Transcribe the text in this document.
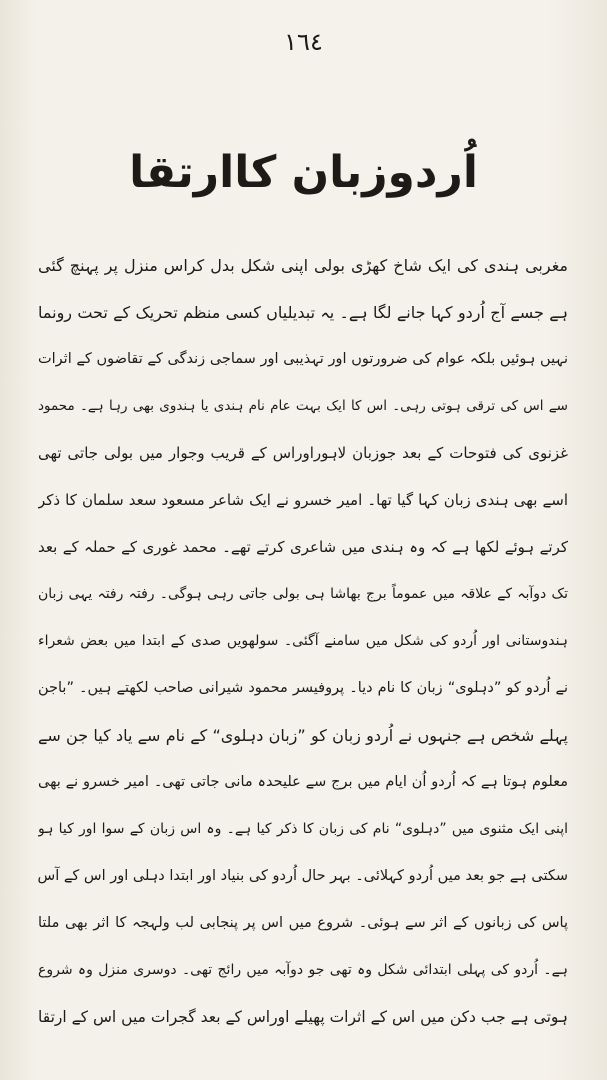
١٦٤
اُردوزبان کاارتقا
مغربی ہندی کی ایک شاخ کھڑی بولی اپنی شکل بدل کراس منزل پر پہنچ گئی
ہے جسے آج اُردو کہا جانے لگا ہے۔ یہ تبدیلیاں کسی منظم تحریک کے تحت رونما
نہیں ہوئیں بلکہ عوام کی ضرورتوں اور تہذیبی اور سماجی زندگی کے تقاضوں کے اثرات
سے اس کی ترقی ہوتی رہی۔ اس کا ایک بہت عام نام ہندی یا ہندوی بھی رہا ہے۔ محمود
غزنوی کی فتوحات کے بعد جوزبان لاہوراوراس کے قریب وجوار میں بولی جاتی تھی
اسے بھی ہندی زبان کہا گیا تھا۔ امیر خسرو نے ایک شاعر مسعود سعد سلمان کا ذکر
کرتے ہوئے لکھا ہے کہ وہ ہندی میں شاعری کرتے تھے۔ محمد غوری کے حملہ کے بعد
تک دوآبہ کے علاقہ میں عموماً برج بھاشا ہی بولی جاتی رہی ہوگی۔ رفتہ رفتہ یہی زبان
ہندوستانی اور اُردو کی شکل میں سامنے آگئی۔ سولھویں صدی کے ابتدا میں بعض شعراء
نے اُردو کو ”دہلوی“ زبان کا نام دیا۔ پروفیسر محمود شیرانی صاحب لکھتے ہیں۔ ”باجن
پہلے شخص ہے جنہوں نے اُردو زبان کو ”زبان دہلوی“ کے نام سے یاد کیا جن سے
معلوم ہوتا ہے کہ اُردو اُن ایام میں برج سے علیحدہ مانی جاتی تھی۔ امیر خسرو نے بھی
اپنی ایک مثنوی میں ”دہلوی“ نام کی زبان کا ذکر کیا ہے۔ وہ اس زبان کے سوا اور کیا ہو
سکتی ہے جو بعد میں اُردو کہلائی۔ بہر حال اُردو کی بنیاد اور ابتدا دہلی اور اس کے آس
پاس کی زبانوں کے اثر سے ہوئی۔ شروع میں اس پر پنجابی لب ولہجہ کا اثر بھی ملتا
ہے۔ اُردو کی پہلی ابتدائی شکل وہ تھی جو دوآبہ میں رائج تھی۔ دوسری منزل وہ شروع
ہوتی ہے جب دکن میں اس کے اثرات پھیلے اوراس کے بعد گجرات میں اس کے ارتقا
